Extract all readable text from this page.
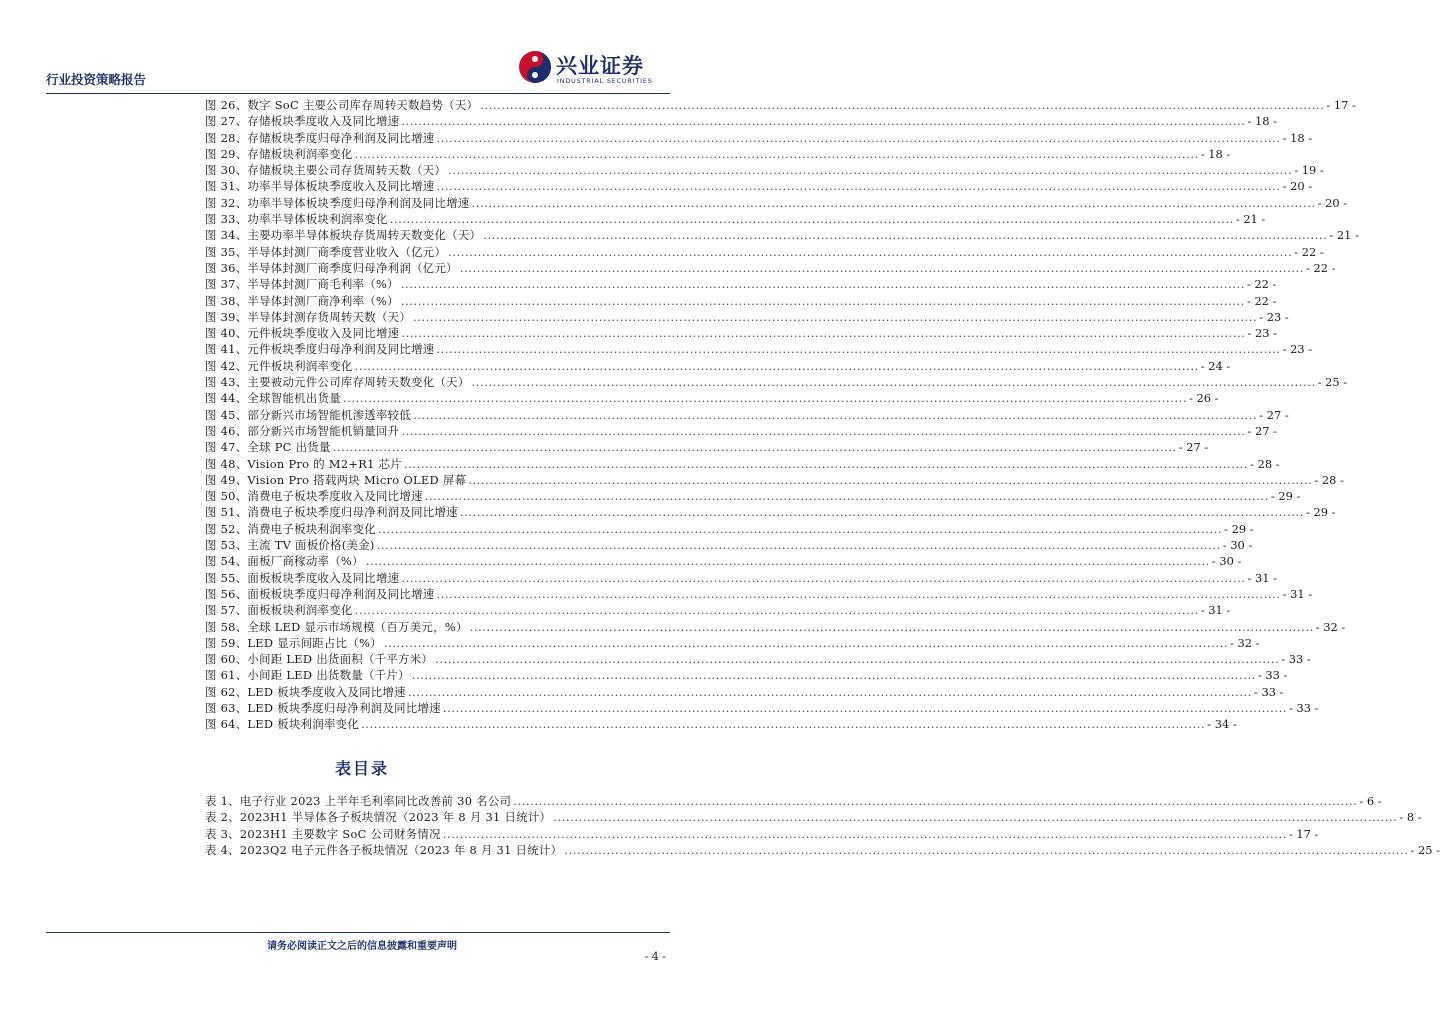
行业投资策略报告
兴业证券
INDUSTRIAL SECURITIES
图 26、数字 SoC 主要公司库存周转天数趋势（天） ........................................................................................................................................................................................................ - 17 -
图 27、存储板块季度收入及同比增速 ........................................................................................................................................................................................................ - 18 -
图 28、存储板块季度归母净利润及同比增速 ........................................................................................................................................................................................................ - 18 -
图 29、存储板块利润率变化 ........................................................................................................................................................................................................ - 18 -
图 30、存储板块主要公司存货周转天数（天） ........................................................................................................................................................................................................ - 19 -
图 31、功率半导体板块季度收入及同比增速 ........................................................................................................................................................................................................ - 20 -
图 32、功率半导体板块季度归母净利润及同比增速 ........................................................................................................................................................................................................ - 20 -
图 33、功率半导体板块利润率变化 ........................................................................................................................................................................................................ - 21 -
图 34、主要功率半导体板块存货周转天数变化（天） ........................................................................................................................................................................................................ - 21 -
图 35、半导体封测厂商季度营业收入（亿元） ........................................................................................................................................................................................................ - 22 -
图 36、半导体封测厂商季度归母净利润（亿元） ........................................................................................................................................................................................................ - 22 -
图 37、半导体封测厂商毛利率（%） ........................................................................................................................................................................................................ - 22 -
图 38、半导体封测厂商净利率（%） ........................................................................................................................................................................................................ - 22 -
图 39、半导体封测存货周转天数（天） ........................................................................................................................................................................................................ - 23 -
图 40、元件板块季度收入及同比增速 ........................................................................................................................................................................................................ - 23 -
图 41、元件板块季度归母净利润及同比增速 ........................................................................................................................................................................................................ - 23 -
图 42、元件板块利润率变化 ........................................................................................................................................................................................................ - 24 -
图 43、主要被动元件公司库存周转天数变化（天） ........................................................................................................................................................................................................ - 25 -
图 44、全球智能机出货量 ........................................................................................................................................................................................................ - 26 -
图 45、部分新兴市场智能机渗透率较低 ........................................................................................................................................................................................................ - 27 -
图 46、部分新兴市场智能机销量回升 ........................................................................................................................................................................................................ - 27 -
图 47、全球 PC 出货量 ........................................................................................................................................................................................................ - 27 -
图 48、Vision Pro 的 M2+R1 芯片 ........................................................................................................................................................................................................ - 28 -
图 49、Vision Pro 搭载两块 Micro OLED 屏幕 ........................................................................................................................................................................................................ - 28 -
图 50、消费电子板块季度收入及同比增速 ........................................................................................................................................................................................................ - 29 -
图 51、消费电子板块季度归母净利润及同比增速 ........................................................................................................................................................................................................ - 29 -
图 52、消费电子板块利润率变化 ........................................................................................................................................................................................................ - 29 -
图 53、主流 TV 面板价格(美金) ........................................................................................................................................................................................................ - 30 -
图 54、面板厂商稼动率（%） ........................................................................................................................................................................................................ - 30 -
图 55、面板板块季度收入及同比增速 ........................................................................................................................................................................................................ - 31 -
图 56、面板板块季度归母净利润及同比增速 ........................................................................................................................................................................................................ - 31 -
图 57、面板板块利润率变化 ........................................................................................................................................................................................................ - 31 -
图 58、全球 LED 显示市场规模（百万美元，%） ........................................................................................................................................................................................................ - 32 -
图 59、LED 显示间距占比（%） ........................................................................................................................................................................................................ - 32 -
图 60、小间距 LED 出货面积（千平方米） ........................................................................................................................................................................................................ - 33 -
图 61、小间距 LED 出货数量（千片） ........................................................................................................................................................................................................ - 33 -
图 62、LED 板块季度收入及同比增速 ........................................................................................................................................................................................................ - 33 -
图 63、LED 板块季度归母净利润及同比增速 ........................................................................................................................................................................................................ - 33 -
图 64、LED 板块利润率变化 ........................................................................................................................................................................................................ - 34 -
表目录
表 1、电子行业 2023 上半年毛利率同比改善前 30 名公司 ........................................................................................................................................................................................................ - 6 -
表 2、2023H1 半导体各子板块情况（2023 年 8 月 31 日统计） ........................................................................................................................................................................................................ - 8 -
表 3、2023H1 主要数字 SoC 公司财务情况 ........................................................................................................................................................................................................ - 17 -
表 4、2023Q2 电子元件各子板块情况（2023 年 8 月 31 日统计） ........................................................................................................................................................................................................ - 25 -
请务必阅读正文之后的信息披露和重要声明
- 4 -
